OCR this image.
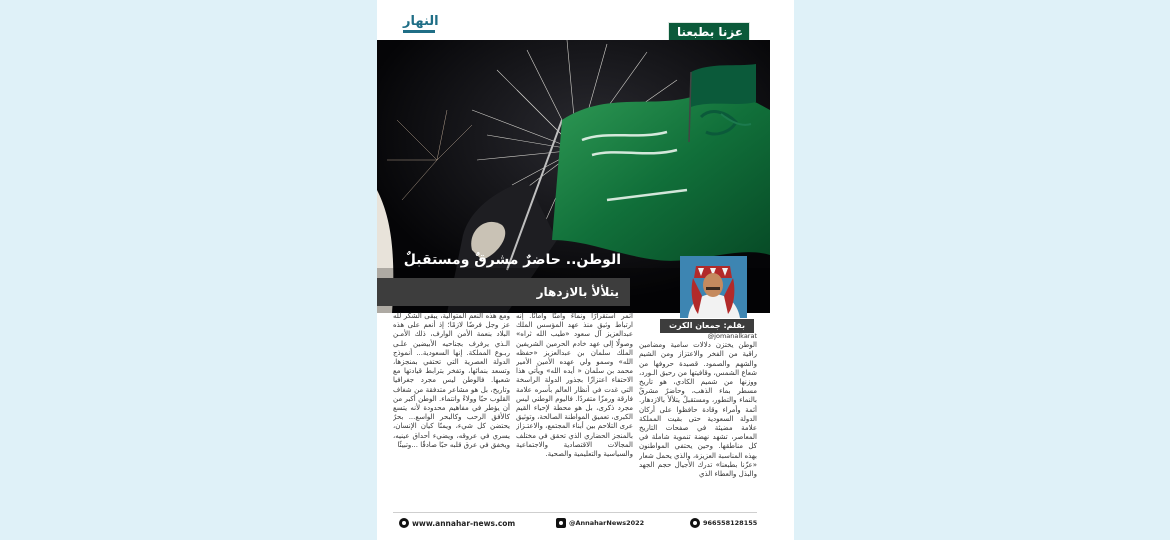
النهار
عزنا بطبعنا
الوطن.. حاضرٌ مشرقٌ ومستقبلٌ
يتلألأ بالازدهار
بقلم: جمعان الكرت
@jomanalkarat
الوطن يختزن دلالات سامية ومضامين راقية من الفخر والاعتزاز ومن الشيم والشهم والصمود. قصيدة حروفها من شعاع الشمس، وقافيتها من رحيق الـورد، ووزنها من شميم الكادي، هو تاريخ مسطر بماء الذهب، وحاضرٌ مشرقٌ بالنماء والتطور، ومستقبلٌ يتلألأ بالازدهار. أئمة وأمراء وقادة حافظوا على أركان الدولة السعودية حتى بقيت المملكة علامة مضيئة في صفحات التاريخ المعاصر، تشهد نهضة تنموية شاملة في كل مناطقها. وحين يحتفي المواطنون بهذه المناسبة العزيزة، والذي يحمل شعار «عزّنا بطبعنا» تدرك الأجيال حجم الجهد والبذل والعطاء الذي
أثمر استقرارًا ونماءً وأمنًا وأمانًا. إنه ارتباط وثيق منذ عهد المؤسس الملك عبدالعزيز آل سعود «طيب الله ثراه» وصولًا إلى عهد خادم الحرمين الشريفين الملك سلمان بن عبدالعزيز «حفظه الله» وسمو ولي عهده الأمين الأمير محمد بن سلمان « أيده الله» ويأتي هذا الاحتفاء اعتزازًا بجذور الدولة الراسخة التي غدت في أنظار العالم بأسره علامة فارقة ورمزًا متفردًا. فاليوم الوطني ليس مجرد ذكرى، بل هو محطة لإحياء القيم الكبرى، تعميق المواطنة الصالحة، وتوثيق عرى التلاحم بين أبناء المجتمع، والاعتـزاز بالمنجز الحضاري الذي تحقق في مختلف المجالات الاقتصادية والاجتماعية والسياسية والتعليمية والصحية.
ومع هذه النعم المتوالية، يبقى الشكر لله عز وجل فرضًا لازمًا؛ إذ أنعم على هذه البلاد بنعمة الأمن الوارف، ذلك الأمـن الـذي يرفرف بجناحيه الأبيضين علـى ربـوع المملكة. إنها السعودية... أنموذج الدولة العصرية التي تحتفي بمنجزها، وتسعد بنمائها، وتفخر بترابط قيادتها مع شعبها. فالوطن ليس مجرد جغرافيا وتاريخ، بل هو مشاعر متدفقة من شغاف القلوب حبًا وولاءً وانتماء. الوطن أكبر من أن يؤطر في مفاهيم محدودة لأنه يتسع كالأفق الرحب وكالبحر الواسع... بحرٌ يحتضن كل شيء، ويمنًا كيان الإنسان، يسري في عروقه، ويضيء أحداق عينيه، ويخفق في عرق قلبه حبًا صادقًا ...وتبيئًا
www.annahar-news.com	@AnnaharNews2022	966558128155
